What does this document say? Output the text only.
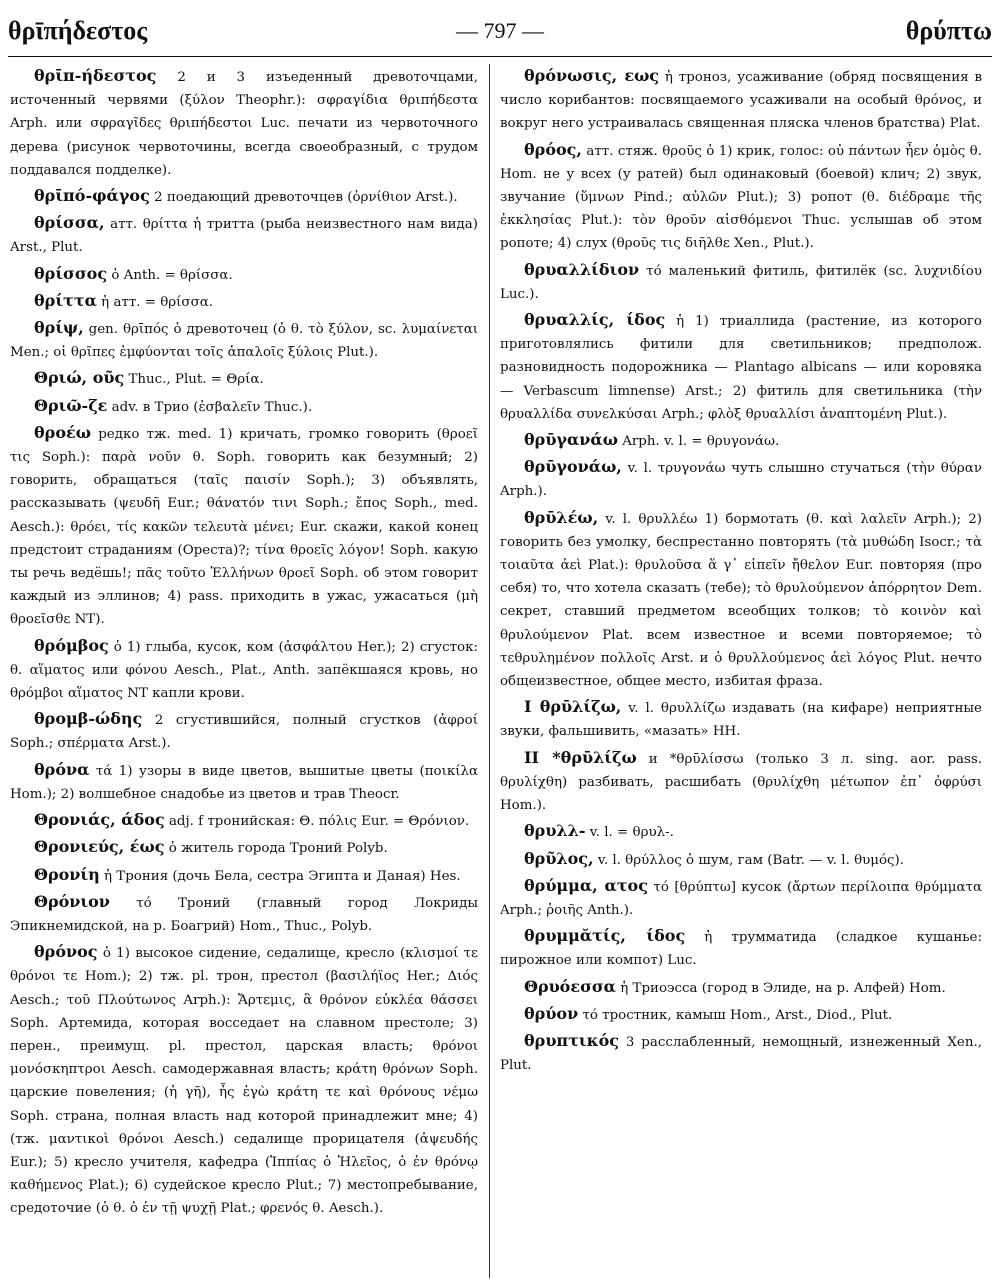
θρῑπήδεστος	— 797 —	θρύπτω

θρῑπ-ήδεστος 2 и 3 изъеденный древоточцами, источенный червями (ξύλον Theophr.): σφραγίδια θριπήδεστα Arph. или σφραγῖδες θριπήδεστοι Luc. печати из червоточного дерева (рисунок червоточины, всегда своеобразный, с трудом поддавался подделке).

θρῑπό-φάγος 2 поедающий древоточцев (ὀρνίθιον Arst.).

θρίσσα, атт. θρίττα ἡ тритта (рыба неизвестного нам вида) Arst., Plut.

θρίσσος ὁ Anth. = θρίσσα.

θρίττα ἡ атт. = θρίσσα.

θρίψ, gen. θρῑπός ὁ древоточец (ὁ θ. τὸ ξύλον, sc. λυμαίνεται Men.; οἱ θρῖπες ἐμφύονται τοῖς ἁπαλοῖς ξύλοις Plut.).

Θριώ, οῦς Thuc., Plut. = Θρία.

Θριῶ-ζε adv. в Трио (ἐσβαλεῖν Thuc.).

θροέω редко тж. med. 1) кричать, громко говорить (θροεῖ τις Soph.): παρὰ νοῦν θ. Soph. говорить как безумный; 2) говорить, обращаться (ταῖς παισίν Soph.); 3) объявлять, рассказывать (ψευδῆ Eur.; θάνατόν τινι Soph.; ἔπος Soph., med. Aesch.): θρόει, τίς κακῶν τελευτὰ μένει; Eur. скажи, какой конец предстоит страданиям (Ореста)?; τίνα θροεῖς λόγον! Soph. какую ты речь ведёшь!; πᾶς τοῦτο Ἑλλήνων θροεῖ Soph. об этом говорит каждый из эллинов; 4) pass. приходить в ужас, ужасаться (μὴ θροεῖσθε NT).

θρόμβος ὁ 1) глыба, кусок, ком (ἀσφάλτου Her.); 2) сгусток: θ. αἵματος или φόνου Aesch., Plat., Anth. запёкшаяся кровь, но θρόμβοι αἵματος NT капли крови.

θρομβ-ώδης 2 сгустившийся, полный сгустков (ἀφροί Soph.; σπέρματα Arst.).

θρόνα τά 1) узоры в виде цветов, вышитые цветы (ποικίλα Hom.); 2) волшебное снадобье из цветов и трав Theocr.

Θρονιάς, άδος adj. f тронийская: Θ. πόλις Eur. = Θρόνιον.

Θρονιεύς, έως ὁ житель города Троний Polyb.

Θρονίη ἡ Трония (дочь Бела, сестра Эгипта и Даная) Hes.

Θρόνιον τό Троний (главный город Локриды Эпикнемидской, на р. Боагрий) Hom., Thuc., Polyb.

θρόνος ὁ 1) высокое сидение, седалище, кресло (κλισμοί τε θρόνοι τε Hom.); 2) тж. pl. трон, престол (βασιλήϊος Her.; Διός Aesch.; τοῦ Πλούτωνος Arph.): Ἄρτεμις, ἃ θρόνον εὐκλέα θάσσει Soph. Артемида, которая восседает на славном престоле; 3) перен., преимущ. pl. престол, царская власть; θρόνοι μονόσκηπτροι Aesch. самодержавная власть; κράτη θρόνων Soph. царские повеления; (ἡ γῆ), ἧς ἐγὼ κράτη τε καὶ θρόνους νέμω Soph. страна, полная власть над которой принадлежит мне; 4) (тж. μαντικοὶ θρόνοι Aesch.) седалище прорицателя (ἀψευδής Eur.); 5) кресло учителя, кафедра (Ἱππίας ὁ Ἠλεῖος, ὁ ἐν θρόνῳ καθήμενος Plat.); 6) судейское кресло Plut.; 7) местопребывание, средоточие (ὁ θ. ὁ ἐν τῇ ψυχῇ Plat.; φρενός θ. Aesch.).

θρόνωσις, εως ἡ троноз, усаживание (обряд посвящения в число корибантов: посвящаемого усаживали на особый θρόνος, и вокруг него устраивалась священная пляска членов братства) Plat.

θρόος, атт. стяж. θροῦς ὁ 1) крик, голос: οὐ πάντων ἦεν ὁμὸς θ. Hom. не у всех (у ратей) был одинаковый (боевой) клич; 2) звук, звучание (ὕμνων Pind.; αὐλῶν Plut.); 3) ропот (θ. διέδραμε τῆς ἐκκλησίας Plut.): τὸν θροῦν αἰσθόμενοι Thuc. услышав об этом ропоте; 4) слух (θροῦς τις διῆλθε Xen., Plut.).

θρυαλλίδιον τό маленький фитиль, фитилёк (sc. λυχνιδίου Luc.).

θρυαλλίς, ίδος ἡ 1) триаллида (растение, из которого приготовлялись фитили для светильников; предполож. разновидность подорожника — Plantago albicans — или коровяка — Verbascum limnense) Arst.; 2) фитиль для светильника (τὴν θρυαλλίδα συνελκύσαι Arph.; φλὸξ θρυαλλίσι ἀναπτομένη Plut.).

θρῡγανάω Arph. v. l. = θρυγονάω.

θρῡγονάω, v. l. τρυγονάω чуть слышно стучаться (τὴν θύραν Arph.).

θρῡλέω, v. l. θρυλλέω 1) бормотать (θ. καὶ λαλεῖν Arph.); 2) говорить без умолку, беспрестанно повторять (τὰ μυθώδη Isocr.; τὰ τοιαῦτα ἀεὶ Plat.): θρυλοῦσα ἅ γ᾽ εἰπεῖν ἤθελον Eur. повторяя (про себя) то, что хотела сказать (тебе); τὸ θρυλούμενον ἀπόρρητον Dem. секрет, ставший предметом всеобщих толков; τὸ κοινὸν καὶ θρυλούμενον Plat. всем известное и всеми повторяемое; τὸ τεθρυλημένον πολλοῖς Arst. и ὁ θρυλλούμενος ἀεὶ λόγος Plut. нечто общеизвестное, общее место, избитая фраза.

I θρῡλίζω, v. l. θρυλλίζω издавать (на кифаре) неприятные звуки, фальшивить, «мазать» HH.

II *θρῡλίζω и *θρῡλίσσω (только 3 л. sing. aor. pass. θρυλίχθη) разбивать, расшибать (θρυλίχθη μέτωπον ἐπ᾽ ὀφρύσι Hom.).

θρυλλ- v. l. = θρυλ-.

θρῦλος, v. l. θρύλλος ὁ шум, гам (Batr. — v. l. θυμός).

θρύμμα, ατος τό [θρύπτω] кусок (ἄρτων περίλοιπα θρύμματα Arph.; ῥοιῆς Anth.).

θρυμμᾰτίς, ίδος ἡ трумматида (сладкое кушанье: пирожное или компот) Luc.

Θρυόεσσα ἡ Триоэсса (город в Элиде, на р. Алфей) Hom.

θρύον τό тростник, камыш Hom., Arst., Diod., Plut.

θρυπτικός 3 расслабленный, немощный, изнеженный Xen., Plut.
